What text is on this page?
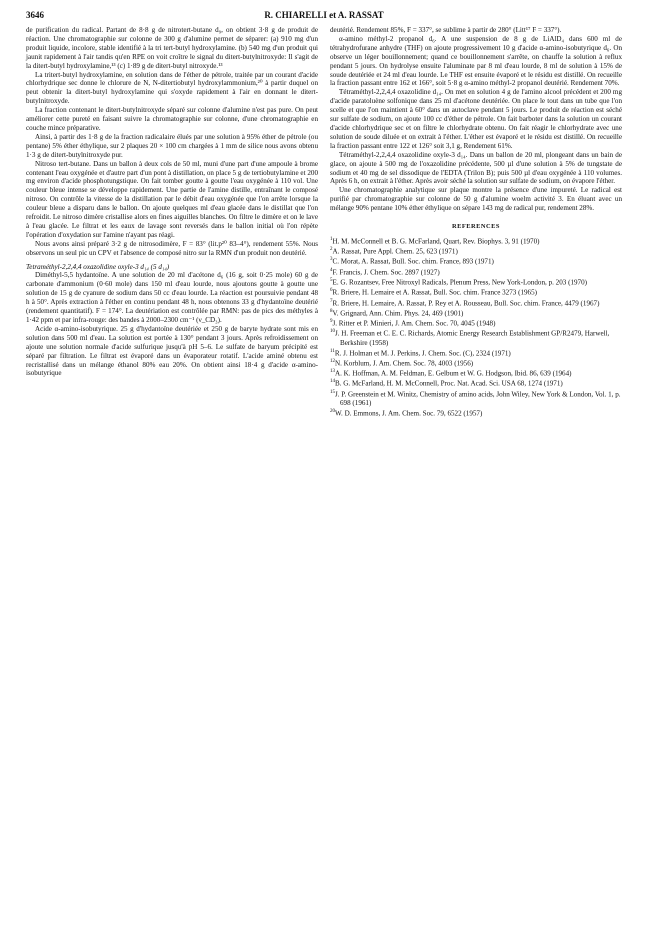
3646	R. CHIARELLI et A. RASSAT

de purification du radical. Partant de 8·8 g de nitrotert-butane d₉, on obtient 3·8 g de produit de réaction. Une chromatographie sur colonne de 300 g d'alumine permet de séparer: (a) 910 mg d'un produit liquide, incolore, stable identifié à la tri tert-butyl hydroxylamine. (b) 540 mg d'un produit qui jaunit rapidement à l'air tandis qu'en RPE on voit croître le signal du ditert-butylnitroxyde: Il s'agit de la ditert-butyl hydroxylamine,¹³ (c) 1·89 g de ditert-butyl nitroxyde.¹³

La tritert-butyl hydroxylamine, en solution dans de l'éther de pétrole, traitée par un courant d'acide chlorhydrique sec donne le chlorure de N, N-ditertiobutyl hydroxylammonium,²⁰ à partir duquel on peut obtenir la ditert-butyl hydroxylamine qui s'oxyde rapidement à l'air en donnant le ditert-butylnitroxyde.

La fraction contenant le ditert-butylnitroxyde séparé sur colonne d'alumine n'est pas pure. On peut améliorer cette pureté en faisant suivre la chromatographie sur colonne, d'une chromatographie en couche mince préparative.

Ainsi, à partir des 1·8 g de la fraction radicalaire élués par une solution à 95% éther de pétrole (ou pentane) 5% éther éthylique, sur 2 plaques 20 × 100 cm chargées à 1 mm de silice nous avons obtenu 1·3 g de ditert-butylnitroxyde pur.

Nitroso tert-butane. Dans un ballon à deux cols de 50 ml, muni d'une part d'une ampoule à brome contenant l'eau oxygénée et d'autre part d'un pont à distillation, on place 5 g de tertiobutylamine et 200 mg environ d'acide phosphotungstique. On fait tomber goutte à goutte l'eau oxygénée à 110 vol. Une couleur bleue intense se développe rapidement. Une partie de l'amine distille, entraînant le composé nitroso. On contrôle la vitesse de la distillation par le débit d'eau oxygénée que l'on arrête lorsque la couleur bleue a disparu dans le ballon. On ajoute quelques ml d'eau glacée dans le distillat que l'on refroidit. Le nitroso dimère cristallise alors en fines aiguilles blanches. On filtre le dimère et on le lave à l'eau glacée. Le filtrat et les eaux de lavage sont reversés dans le ballon initial où l'on répète l'opération d'oxydation sur l'amine n'ayant pas réagi.

Nous avons ainsi préparé 3·2 g de nitrosodimère, F = 83° (lit.p²⁰ 83–4°), rendement 55%. Nous observons un seul pic un CPV et l'absence de composé nitro sur la RMN d'un produit non deutérié.

Tetraméthyl-2,2,4,4 oxazolidine oxyle-3 d₁₄ (5 d₁₄)

Diméthyl-5,5 hydantoïne. A une solution de 20 ml d'acétone d₆ (16 g, soit 0·25 mole) 60 g de carbonate d'ammonium (0·60 mole) dans 150 ml d'eau lourde, nous ajoutons goutte à goutte une solution de 15 g de cyanure de sodium dans 50 cc d'eau lourde. La réaction est poursuivie pendant 48 h à 50°. Après extraction à l'éther en continu pendant 48 h, nous obtenons 33 g d'hydantoïne deutérié (rendement quantitatif). F = 174°. La deutériation est contrôlée par RMN: pas de pics des méthyles à 1·42 ppm et par infra-rouge: des bandes à 2000–2300 cm⁻¹ (ν_CD₃).

Acide α-amino-isobutyrique. 25 g d'hydantoïne deutériée et 250 g de baryte hydrate sont mis en solution dans 500 ml d'eau. La solution est portée à 130° pendant 3 jours. Après refroidissement on ajoute une solution normale d'acide sulfurique jusqu'à pH 5–6. Le sulfate de baryum précipité est séparé par filtration. Le filtrat est évaporé dans un évaporateur rotatif. L'acide aminé obtenu est recristallisé dans un mélange éthanol 80% eau 20%. On obtient ainsi 18·4 g d'acide α-amino-isobutyrique

deutérié. Rendement 85%, F = 337°, se sublime à partir de 280° (Litt¹⁷ F = 337°).

α-amino méthyl-2 propanol d₆. A une suspension de 8 g de LiAlD₄ dans 600 ml de tétrahydrofurane anhydre (THF) on ajoute progressivement 10 g d'acide α-amino-isobutyrique d₆. On observe un léger bouillonnement; quand ce bouillonnement s'arrête, on chauffe la solution à reflux pendant 5 jours. On hydrolyse ensuite l'aluminate par 8 ml d'eau lourde, 8 ml de solution à 15% de soude deutériée et 24 ml d'eau lourde. Le THF est ensuite évaporé et le résidu est distillé. On recueille la fraction passant entre 162 et 166°, soit 5·8 g α-amino méthyl-2 propanol deutérié. Rendement 70%.

Tétraméthyl-2,2,4,4 oxazolidine d₁₄. On met en solution 4 g de l'amino alcool précédent et 200 mg d'acide paratoluène solfonique dans 25 ml d'acétone deutériée. On place le tout dans un tube que l'on scelle et que l'on maintient à 60° dans un autoclave pendant 5 jours. Le produit de réaction est séché sur sulfate de sodium, on ajoute 100 cc d'éther de pétrole. On fait barboter dans la solution un courant d'acide chlorhydrique sec et on filtre le chlorhydrate obtenu. On fait réagir le chlorhydrate avec une solution de soude diluée et on extrait à l'éther. L'éther est évaporé et le résidu est distillé. On recueille la fraction passant entre 122 et 126° soit 3,1 g, Rendement 61%.

Tétraméthyl-2,2,4,4 oxazolidine oxyle-3 d₁₄. Dans un ballon de 20 ml, plongeant dans un bain de glace, on ajoute à 500 mg de l'oxazolidine précédente, 500 µl d'une solution à 5% de tungstate de sodium et 40 mg de sel dissodique de l'EDTA (Trilon B); puis 500 µl d'eau oxygénée à 110 volumes. Après 6 h, on extrait à l'éther. Après avoir séché la solution sur sulfate de sodium, on évapore l'éther.

Une chromatographie analytique sur plaque montre la présence d'une impureté. Le radical est purifié par chromatographie sur colonne de 50 g d'alumine woelm activité 3. En éluant avec un mélange 90% pentane 10% éther éthylique on sépare 143 mg de radical pur, rendement 28%.

REFERENCES

$^1$H. M. McConnell et B. G. McFarland, Quart, Rev. Biophys. 3, 91 (1970)

$^2$A. Rassat, Pure Appl. Chem. 25, 623 (1971)

$^3$C. Morat, A. Rassat, Bull. Soc. chim. France, 893 (1971)

$^4$F. Francis, J. Chem. Soc. 2897 (1927)

$^5$E. G. Rozantsev, Free Nitroxyl Radicals, Plenum Press, New York-London, p. 203 (1970)

$^6$R. Briere, H. Lemaire et A. Rassat, Bull. Soc. chim. France 3273 (1965)

$^7$R. Briere, H. Lemaire, A. Rassat, P. Rey et A. Rousseau, Bull. Soc. chim. France, 4479 (1967)

$^8$V. Grignard, Ann. Chim. Phys. 24, 469 (1901)

$^9$J. Ritter et P. Minieri, J. Am. Chem. Soc. 70, 4045 (1948)

$^{10}$J. H. Freeman et C. E. C. Richards, Atomic Energy Research Establishment GP/R2479, Harwell, Berkshire (1958)

$^{11}$R. J. Holman et M. J. Perkins, J. Chem. Soc. (C), 2324 (1971)

$^{12}$N. Korblum, J. Am. Chem. Soc. 78, 4003 (1956)

$^{13}$A. K. Hoffman, A. M. Feldman, E. Gelbum et W. G. Hodgson, Ibid. 86, 639 (1964)

$^{14}$B. G. McFarland, H. M. McConnell, Proc. Nat. Acad. Sci. USA 68, 1274 (1971)

$^{15}$J. P. Greenstein et M. Winitz, Chemistry of amino acids, John Wiley, New York & London, Vol. 1, p. 698 (1961)

$^{20}$W. D. Emmons, J. Am. Chem. Soc. 79, 6522 (1957)
